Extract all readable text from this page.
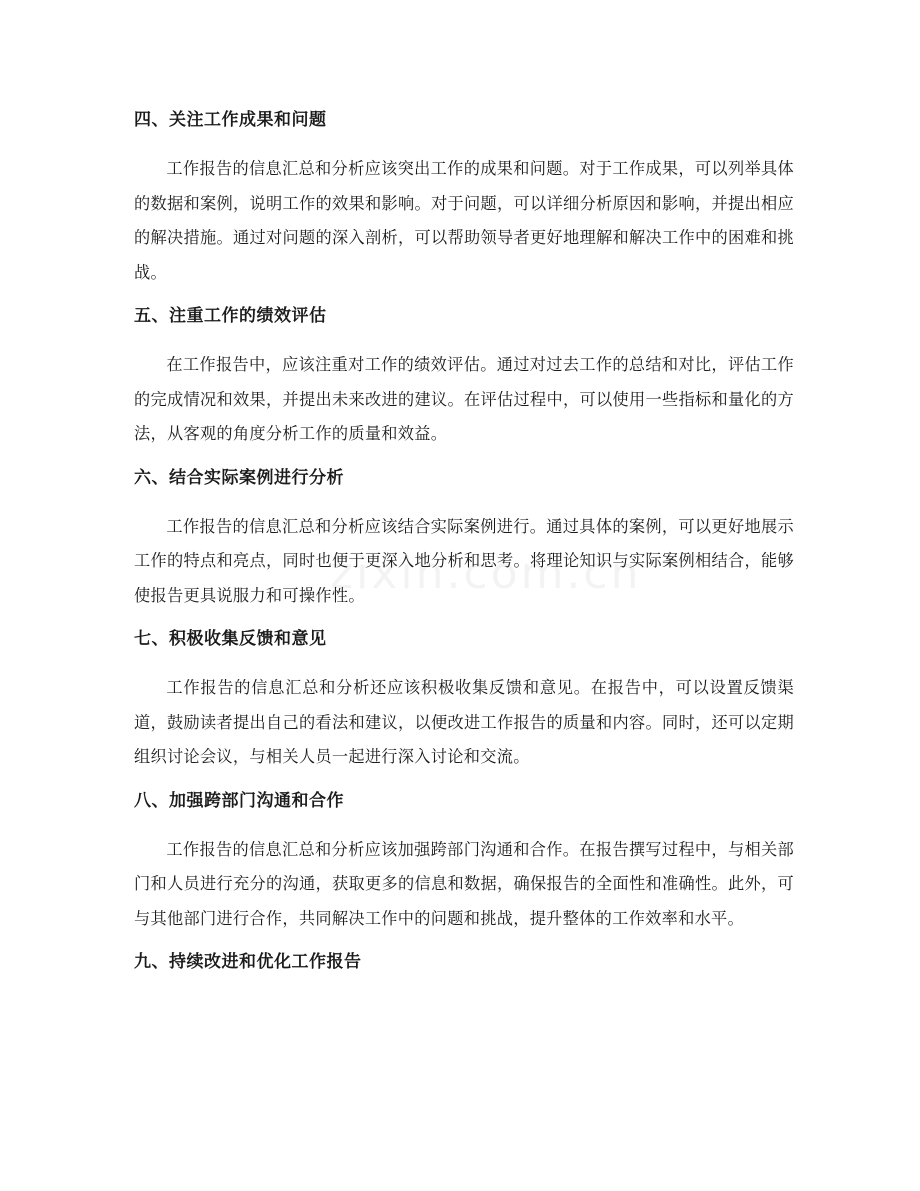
四、关注工作成果和问题

工作报告的信息汇总和分析应该突出工作的成果和问题。对于工作成果，可以列举具体的数据和案例，说明工作的效果和影响。对于问题，可以详细分析原因和影响，并提出相应的解决措施。通过对问题的深入剖析，可以帮助领导者更好地理解和解决工作中的困难和挑战。

五、注重工作的绩效评估

在工作报告中，应该注重对工作的绩效评估。通过对过去工作的总结和对比，评估工作的完成情况和效果，并提出未来改进的建议。在评估过程中，可以使用一些指标和量化的方法，从客观的角度分析工作的质量和效益。

六、结合实际案例进行分析

工作报告的信息汇总和分析应该结合实际案例进行。通过具体的案例，可以更好地展示工作的特点和亮点，同时也便于更深入地分析和思考。将理论知识与实际案例相结合，能够使报告更具说服力和可操作性。

七、积极收集反馈和意见

工作报告的信息汇总和分析还应该积极收集反馈和意见。在报告中，可以设置反馈渠道，鼓励读者提出自己的看法和建议，以便改进工作报告的质量和内容。同时，还可以定期组织讨论会议，与相关人员一起进行深入讨论和交流。

八、加强跨部门沟通和合作

工作报告的信息汇总和分析应该加强跨部门沟通和合作。在报告撰写过程中，与相关部门和人员进行充分的沟通，获取更多的信息和数据，确保报告的全面性和准确性。此外，可与其他部门进行合作，共同解决工作中的问题和挑战，提升整体的工作效率和水平。

九、持续改进和优化工作报告
